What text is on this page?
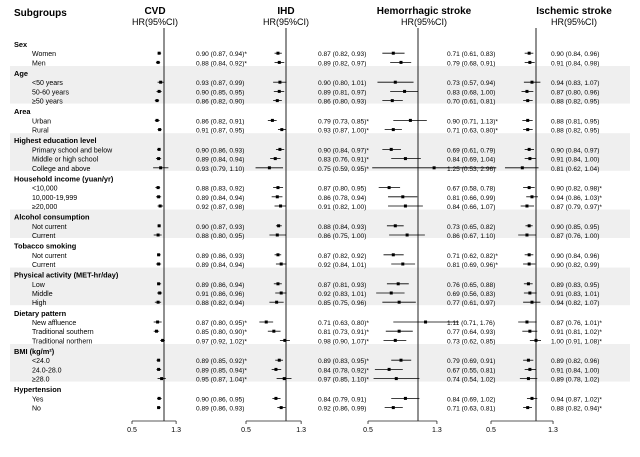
Subgroups	CVD
HR(95%CI)
0.5	1.3
IHD
HR(95%CI)
0.5	1.3
Hemorrhagic stroke
HR(95%CI)
0.5	1.3
Ischemic stroke
HR(95%CI)
0.5	1.3
Sex
Women	0.90 (0.87, 0.94)*	0.87 (0.82, 0.93)	0.71 (0.61, 0.83)	0.90 (0.84, 0.96)
Men	0.88 (0.84, 0.92)*	0.89 (0.82, 0.97)	0.79 (0.68, 0.91)	0.91 (0.84, 0.98)
Age
<50 years	0.93 (0.87, 0.99)	0.90 (0.80, 1.01)	0.73 (0.57, 0.94)	0.94 (0.83, 1.07)
50-60 years	0.90 (0.85, 0.95)	0.89 (0.81, 0.97)	0.83 (0.68, 1.00)	0.87 (0.80, 0.96)
≥50 years	0.86 (0.82, 0.90)	0.86 (0.80, 0.93)	0.70 (0.61, 0.81)	0.88 (0.82, 0.95)
Area
Urban	0.86 (0.82, 0.91)	0.79 (0.73, 0.85)*	0.90 (0.71, 1.13)*	0.88 (0.81, 0.95)
Rural	0.91 (0.87, 0.95)	0.93 (0.87, 1.00)*	0.71 (0.63, 0.80)*	0.88 (0.82, 0.95)
Highest education level
Primary school and below	0.90 (0.86, 0.93)	0.90 (0.84, 0.97)*	0.69 (0.61, 0.79)	0.90 (0.84, 0.97)
Middle or high school	0.89 (0.84, 0.94)	0.83 (0.76, 0.91)*	0.84 (0.69, 1.04)	0.91 (0.84, 1.00)
College and above	0.93 (0.79, 1.10)	0.75 (0.59, 0.95)*	1.25 (0.53, 2.96)	0.81 (0.62, 1.04)
Household income (yuan/yr)
<10,000	0.88 (0.83, 0.92)	0.87 (0.80, 0.95)	0.67 (0.58, 0.78)	0.90 (0.82, 0.98)*
10,000-19,999	0.89 (0.84, 0.94)	0.86 (0.78, 0.94)	0.81 (0.66, 0.99)	0.94 (0.86, 1.03)*
≥20,000	0.92 (0.87, 0.98)	0.91 (0.82, 1.00)	0.84 (0.66, 1.07)	0.87 (0.79, 0.97)*
Alcohol consumption
Not current	0.90 (0.87, 0.93)	0.88 (0.84, 0.93)	0.73 (0.65, 0.82)	0.90 (0.85, 0.95)
Current	0.88 (0.80, 0.95)	0.86 (0.75, 1.00)	0.86 (0.67, 1.10)	0.87 (0.76, 1.00)
Tobacco smoking
Not current	0.89 (0.86, 0.93)	0.87 (0.82, 0.92)	0.71 (0.62, 0.82)*	0.90 (0.84, 0.96)
Current	0.89 (0.84, 0.94)	0.92 (0.84, 1.01)	0.81 (0.69, 0.96)*	0.90 (0.82, 0.99)
Physical activity (MET-hr/day)
Low	0.89 (0.86, 0.94)	0.87 (0.81, 0.93)	0.76 (0.65, 0.88)	0.89 (0.83, 0.95)
Middle	0.91 (0.86, 0.96)	0.92 (0.83, 1.01)	0.69 (0.56, 0.83)	0.91 (0.83, 1.01)
High	0.88 (0.82, 0.94)	0.85 (0.75, 0.96)	0.77 (0.61, 0.97)	0.94 (0.82, 1.07)
Dietary pattern
New affluence	0.87 (0.80, 0.95)*	0.71 (0.63, 0.80)*	1.11 (0.71, 1.76)	0.87 (0.76, 1.01)*
Traditional southern	0.85 (0.80, 0.90)*	0.81 (0.73, 0.91)*	0.77 (0.64, 0.93)	0.91 (0.81, 1.02)*
Traditional northern	0.97 (0.92, 1.02)*	0.98 (0.90, 1.07)*	0.73 (0.62, 0.85)	1.00 (0.91, 1.08)*
BMI (kg/m²)
<24.0	0.89 (0.85, 0.92)*	0.89 (0.83, 0.95)*	0.79 (0.69, 0.91)	0.89 (0.82, 0.96)
24.0-28.0	0.89 (0.85, 0.94)*	0.84 (0.78, 0.92)*	0.67 (0.55, 0.81)	0.91 (0.84, 1.00)
≥28.0	0.95 (0.87, 1.04)*	0.97 (0.85, 1.10)*	0.74 (0.54, 1.02)	0.89 (0.78, 1.02)
Hypertension
Yes	0.90 (0.86, 0.95)	0.84 (0.79, 0.91)	0.84 (0.69, 1.02)	0.94 (0.87, 1.02)*
No	0.89 (0.86, 0.93)	0.92 (0.86, 0.99)	0.71 (0.63, 0.81)	0.88 (0.82, 0.94)*
